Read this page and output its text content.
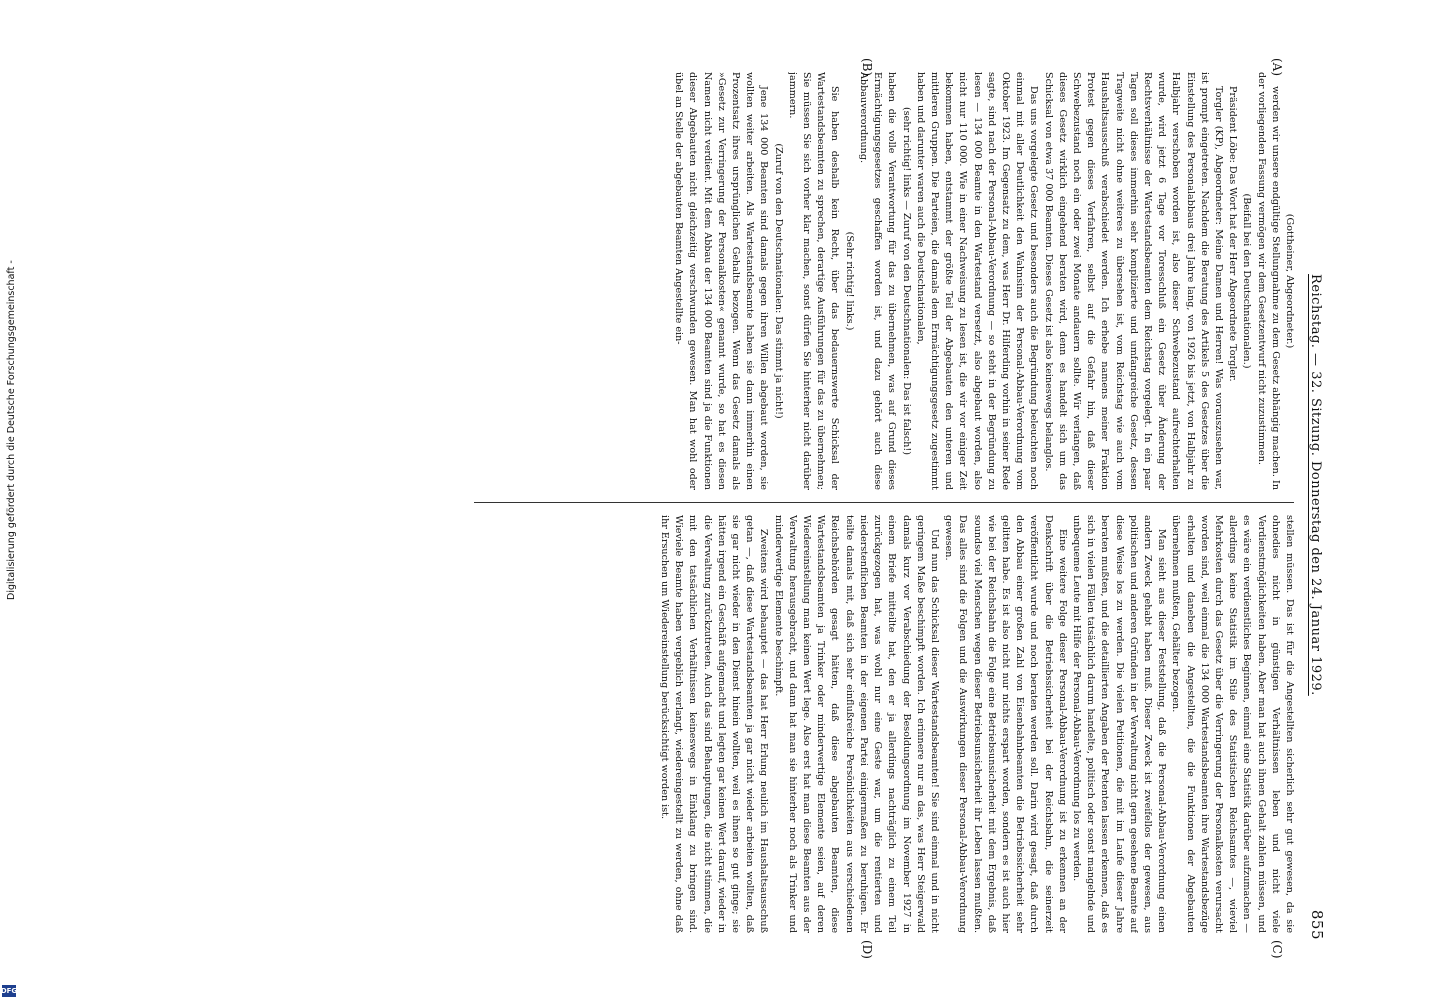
Reichstag. — 32. Sitzung. Donnerstag den 24. Januar 1929.
855
(A)
(B)
(C)
(D)

(Gottheiner, Abgeordneter.)

werden wir unsere endgültige Stellungnahme zu dem Gesetz abhängig machen. In der vorliegenden Fassung vermögen wir dem Gesetzentwurf nicht zuzustimmen.

(Beifall bei den Deutschnationalen.)

Präsident Löbe: Das Wort hat der Herr Abgeordnete Torgler.

Torgler (KP), Abgeordneter: Meine Damen und Herren! Was vorauszusehen war, ist prompt eingetreten. Nachdem die Beratung des Artikels 5 des Gesetzes über die Einstellung des Personalabbaus drei Jahre lang, von 1926 bis jetzt, von Halbjahr zu Halbjahr verschoben worden ist, also dieser Schwebezustand aufrechterhalten wurde, wird jetzt 6 Tage vor Toresschluß ein Gesetz über Änderung der Rechtsverhältnisse der Wartestandsbeamten dem Reichstag vorgelegt. In ein paar Tagen soll dieses immerhin sehr komplizierte und umfangreiche Gesetz, dessen Tragweite nicht ohne weiteres zu übersehen ist, vom Reichstag wie auch vom Haushaltsausschuß verabschiedet werden. Ich erhebe namens meiner Fraktion Protest gegen dieses Verfahren, selbst auf die Gefahr hin, daß dieser Schwebezustand noch ein oder zwei Monate andauern sollte. Wir verlangen, daß dieses Gesetz wirklich eingehend beraten wird, denn es handelt sich um das Schicksal von etwa 37 000 Beamten. Dieses Gesetz ist also keineswegs belanglos.

Das uns vorgelegte Gesetz und besonders auch die Begründung beleuchten noch einmal mit aller Deutlichkeit den Wahnsinn der Personal-Abbau-Verordnung vom Oktober 1923. Im Gegensatz zu dem, was Herr Dr. Hilferding vorhin in seiner Rede sagte, sind nach der Personal-Abbau-Verordnung — so steht in der Begründung zu lesen — 134 000 Beamte in den Wartestand versetzt, also abgebaut worden, also nicht nur 110 000. Wie in einer Nachweisung zu lesen ist, die wir vor einiger Zeit bekommen haben, entstammt der größte Teil der Abgebauten den unteren und mittleren Gruppen. Die Parteien, die damals dem Ermächtigungsgesetz zugestimmt haben und darunter waren auch die Deutschnationalen,

(sehr richtig! links — Zuruf von den Deutschnationalen: Das ist falsch!)

haben die volle Verantwortung für das zu übernehmen, was auf Grund dieses Ermächtigungsgesetzes geschaffen worden ist, und dazu gehört auch diese Abbauverordnung.

(Sehr richtig! links.)

Sie haben deshalb kein Recht, über das bedauernswerte Schicksal der Wartestandsbeamten zu sprechen, derartige Ausführungen für das zu übernehmen; Sie müssen Sie sich vorher klar machen, sonst dürfen Sie hinterher nicht darüber jammern.

(Zuruf von den Deutschnationalen: Das stimmt ja nicht!)

Jene 134 000 Beamten sind damals gegen ihren Willen abgebaut worden, sie wollten weiter arbeiten. Als Wartestandsbeamte haben sie dann immerhin einen Prozentsatz ihres ursprünglichen Gehalts bezogen. Wenn das Gesetz damals als »Gesetz zur Verringerung der Personalkosten« genannt wurde, so hat es diesen Namen nicht verdient. Mit dem Abbau der 134 000 Beamten sind ja die Funktionen dieser Abgebauten nicht gleichzeitig verschwunden gewesen. Man hat wohl oder übel an Stelle der abgebauten Beamten Angestellte ein-

stellen müssen. Das ist für die Angestellten sicherlich sehr gut gewesen, da sie ohnedies nicht in günstigen Verhältnissen leben und nicht viele Verdienstmöglichkeiten haben. Aber man hat auch ihnen Gehalt zahlen müssen, und es wäre ein verdienstliches Beginnen, einmal eine Statistik darüber aufzumachen — allerdings keine Statistik im Stile des Statistischen Reichsamtes —, wieviel Mehrkosten durch das Gesetz über die Verringerung der Personalkosten verursacht worden sind, weil einmal die 134 000 Wartestandsbeamten ihre Wartestandsbezüge erhalten und daneben die Angestellten, die die Funktionen der Abgebauten übernehmen mußten, Gehälter bezogen.

Man sieht aus dieser Feststellung, daß die Personal-Abbau-Verordnung einen andern Zweck gehabt haben muß. Dieser Zweck ist zweifellos der gewesen, aus politischen und anderen Gründen in der Verwaltung nicht gern gesehene Beamte auf diese Weise los zu werden. Die vielen Petitionen, die mit im Laufe dieser Jahre beraten mußten, und die detaillierten Angaben der Petenten lassen erkennen, daß es sich in vielen Fällen tatsächlich darum handelte, politisch oder sonst mangelnde und unbequeme Leute mit Hilfe der Personal-Abbau-Verordnung los zu werden.

Eine weitere Folge dieser Personal-Abbau-Verordnung ist zu erkennen an der Denkschrift über die Betriebssicherheit bei der Reichsbahn, die seinerzeit veröffentlicht wurde und noch beraten werden soll. Darin wird gesagt, daß durch den Abbau einer großen Zahl von Eisenbahnbeamten die Betriebssicherheit sehr gelitten habe. Es ist also nicht nur nichts erspart worden, sondern es ist auch hier wie bei der Reichsbahn die Folge eine Betriebsunsicherheit mit dem Ergebnis, daß soundso viel Menschen wegen dieser Betriebsunsicherheit ihr Leben lassen mußten. Das alles sind die Folgen und die Auswirkungen dieser Personal-Abbau-Verordnung gewesen.

Und nun das Schicksal dieser Wartestandsbeamten! Sie sind einmal und in nicht geringem Maße beschimpft worden. Ich erinnere nur an das, was Herr Steigerwald damals kurz vor Verabschiedung der Besoldungsordnung im November 1927 in einem Briefe mitteilte hat, den er ja allerdings nachträglich zu einem Teil zurückgezogen hat, was wohl nur eine Geste war, um die rentierten und niederstenflichen Beamten in der eigenen Partei einigermaßen zu beruhigen. Er teilte damals mit, daß sich sehr einflußreiche Persönlichkeiten aus verschiedenen Reichsbehörden gesagt hätten, daß diese abgebauten Beamten, diese Wartestandsbeamten ja Trinker oder minderwertige Elemente seien, auf deren Wiedereinstellung man keinen Wert lege. Also erst hat man diese Beamten aus der Verwaltung herausgebracht, und dann hat man sie hinterher noch als Trinker und minderwertige Elemente beschimpft.

Zweitens wird behauptet — das hat Herr Erlung neulich im Haushaltsausschuß getan —, daß diese Wartestandsbeamten ja gar nicht wieder arbeiten wollten, daß sie gar nicht wieder in den Dienst hinein wollten, weil es ihnen so gut ginge; sie hätten irgend ein Geschäft aufgemacht und legten gar keinen Wert darauf, wieder in die Verwaltung zurückzutreten. Auch das sind Behauptungen, die nicht stimmen, die mit den tatsächlichen Verhältnissen keineswegs in Einklang zu bringen sind. Wieviele Beamte haben vergeblich verlangt, wiedereingestellt zu werden, ohne daß ihr Ersuchen um Wiedereinstellung berücksichtigt worden ist.

Digitalisierung gefördert durch die Deutsche Forschungsgemeinschaft -
DFG
